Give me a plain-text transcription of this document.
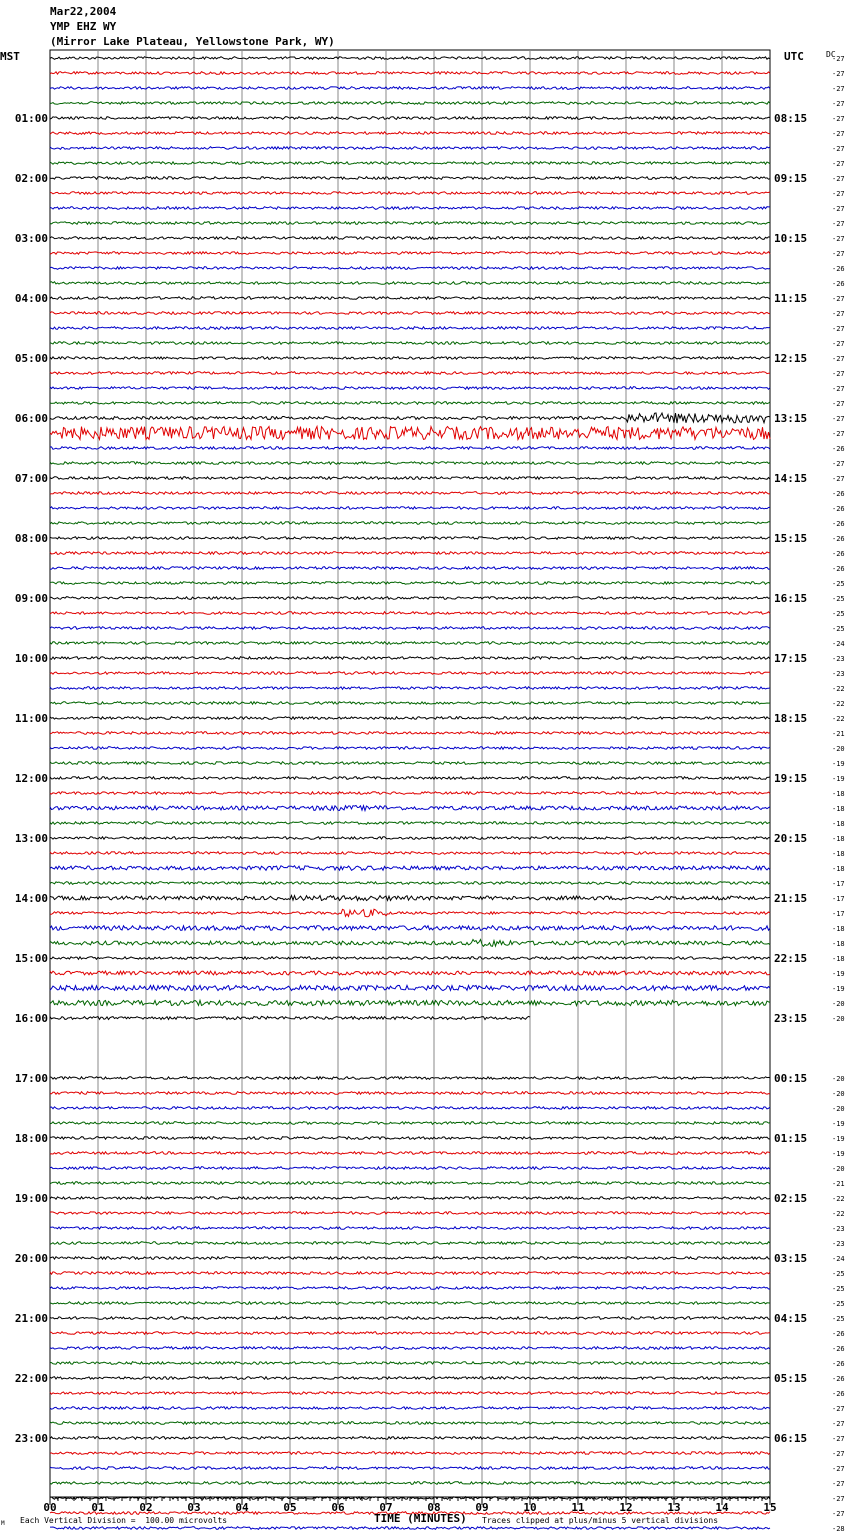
Mar22,2004
YMP EHZ WY
(Mirror Lake Plateau, Yellowstone Park, WY)
MST	UTC	DC
01:00
02:00
03:00
04:00
05:00
06:00
07:00
08:00
09:00
10:00
11:00
12:00
13:00
14:00
15:00
16:00
17:00
18:00
19:00
20:00
21:00
22:00
23:00
08:15
09:15
10:15
11:15
12:15
13:15
14:15
15:15
16:15
17:15
18:15
19:15
20:15
21:15
22:15
23:15
00:15
01:15
02:15
03:15
04:15
05:15
06:15
-27
-27
-27
-27
-27
-27
-27
-27
-27
-27
-27
-27
-27
-27
-26
-26
-27
-27
-27
-27
-27
-27
-27
-27
-27
-27
-26
-27
-27
-26
-26
-26
-26
-26
-26
-25
-25
-25
-25
-24
-23
-23
-22
-22
-22
-21
-20
-19
-19
-18
-18
-18
-18
-18
-18
-17
-17
-17
-18
-18
-18
-19
-19
-20
-20
-20
-20
-20
-19
-19
-19
-20
-21
-22
-22
-23
-23
-24
-25
-25
-25
-25
-26
-26
-26
-26
-26
-27
-27
-27
-27
-27
-27
-27
-27
-28
00	01	02	03	04	05	06	07	08	09	10	11	12	13	14	15
M Each Vertical Division =  100.00 microvolts	TIME (MINUTES) Traces clipped at plus/minus 5 vertical divisions
